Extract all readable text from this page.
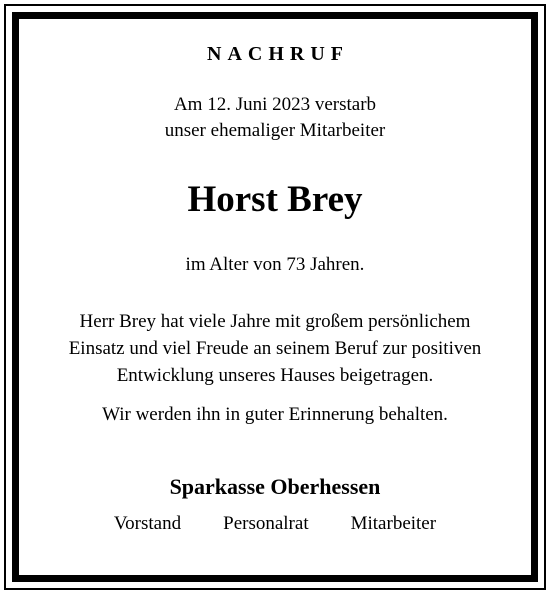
NACHRUF
Am 12. Juni 2023 verstarb
unser ehemaliger Mitarbeiter
Horst Brey
im Alter von 73 Jahren.
Herr Brey hat viele Jahre mit großem persönlichem
Einsatz und viel Freude an seinem Beruf zur positiven
Entwicklung unseres Hauses beigetragen.
Wir werden ihn in guter Erinnerung behalten.
Sparkasse Oberhessen
Vorstand Personalrat Mitarbeiter
